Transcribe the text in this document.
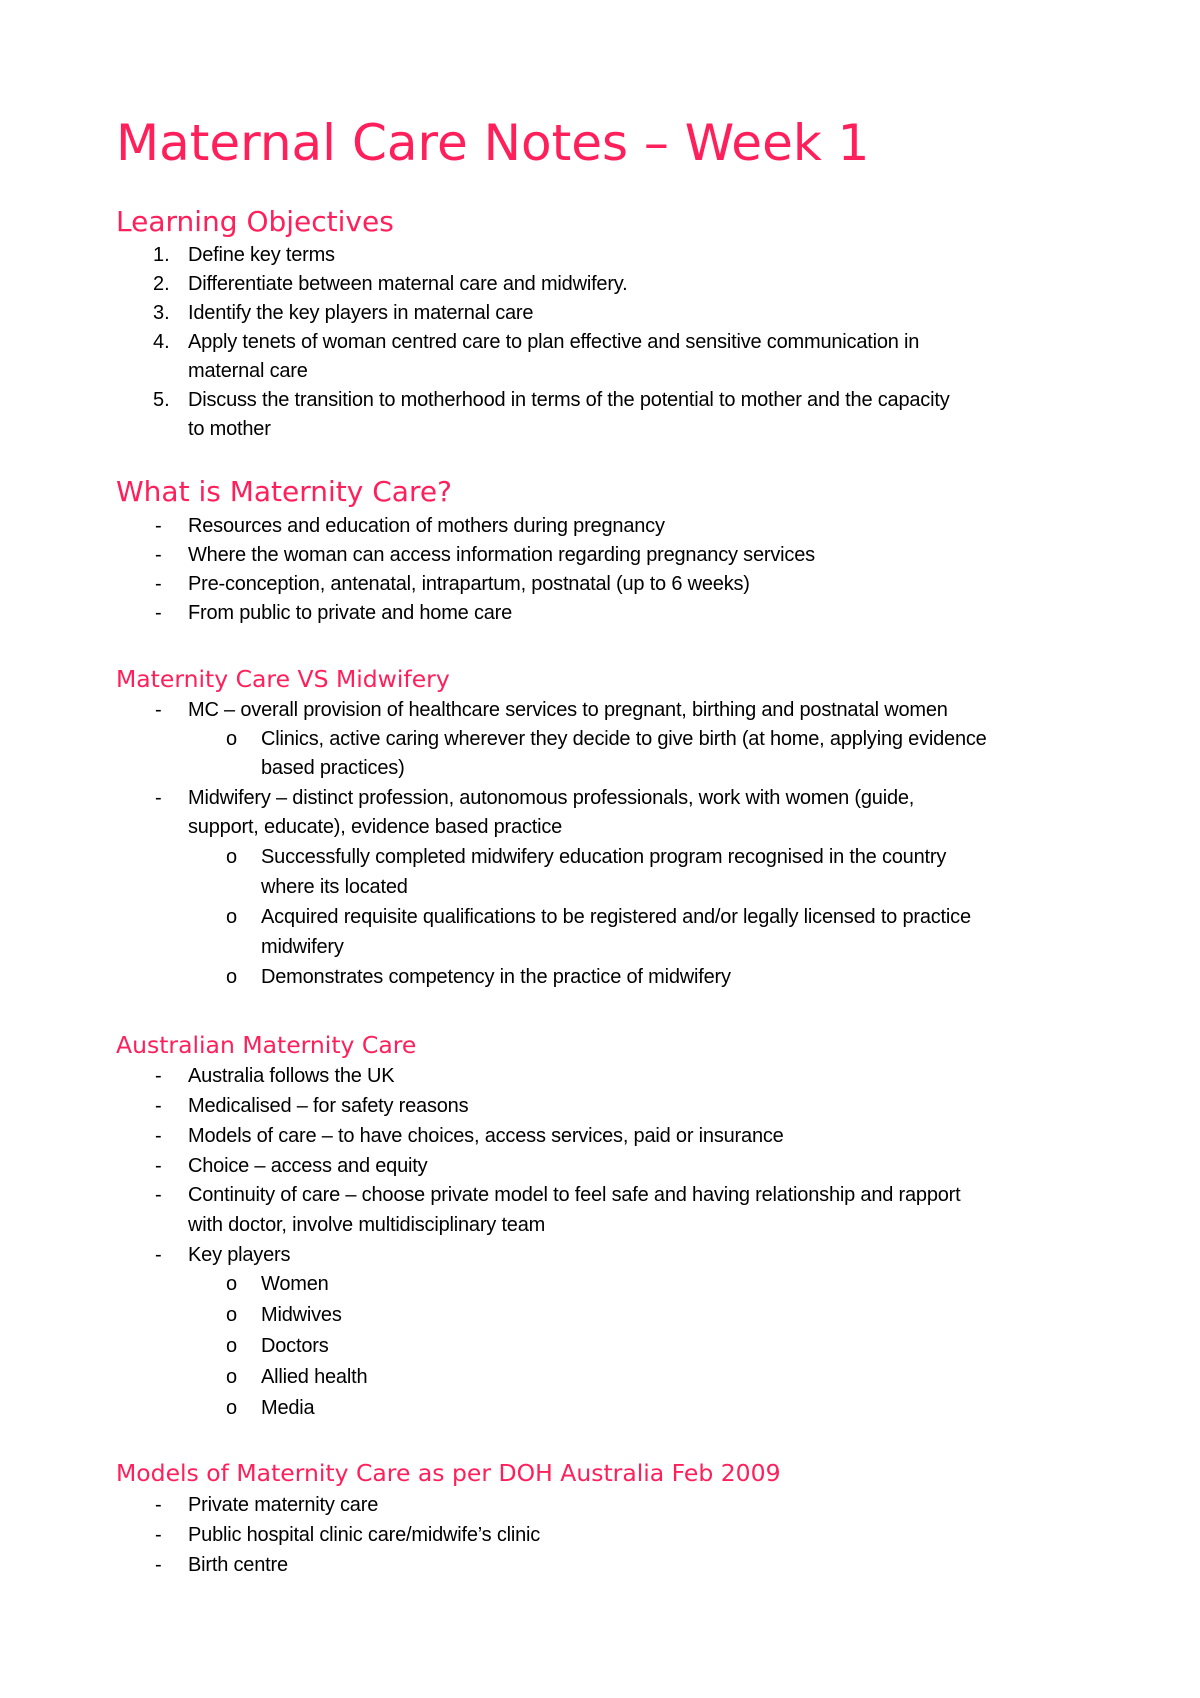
Maternal Care Notes – Week 1
Learning Objectives
1. Define key terms
2. Differentiate between maternal care and midwifery.
3. Identify the key players in maternal care
4. Apply tenets of woman centred care to plan effective and sensitive communication in
maternal care
5. Discuss the transition to motherhood in terms of the potential to mother and the capacity
to mother
What is Maternity Care?
- Resources and education of mothers during pregnancy
- Where the woman can access information regarding pregnancy services
- Pre-conception, antenatal, intrapartum, postnatal (up to 6 weeks)
- From public to private and home care
Maternity Care VS Midwifery
- MC – overall provision of healthcare services to pregnant, birthing and postnatal women
o Clinics, active caring wherever they decide to give birth (at home, applying evidence
based practices)
- Midwifery – distinct profession, autonomous professionals, work with women (guide,
support, educate), evidence based practice
o Successfully completed midwifery education program recognised in the country
where its located
o Acquired requisite qualifications to be registered and/or legally licensed to practice
midwifery
o Demonstrates competency in the practice of midwifery
Australian Maternity Care
- Australia follows the UK
- Medicalised – for safety reasons
- Models of care – to have choices, access services, paid or insurance
- Choice – access and equity
- Continuity of care – choose private model to feel safe and having relationship and rapport
with doctor, involve multidisciplinary team
- Key players
o Women
o Midwives
o Doctors
o Allied health
o Media
Models of Maternity Care as per DOH Australia Feb 2009
- Private maternity care
- Public hospital clinic care/midwife’s clinic
- Birth centre
